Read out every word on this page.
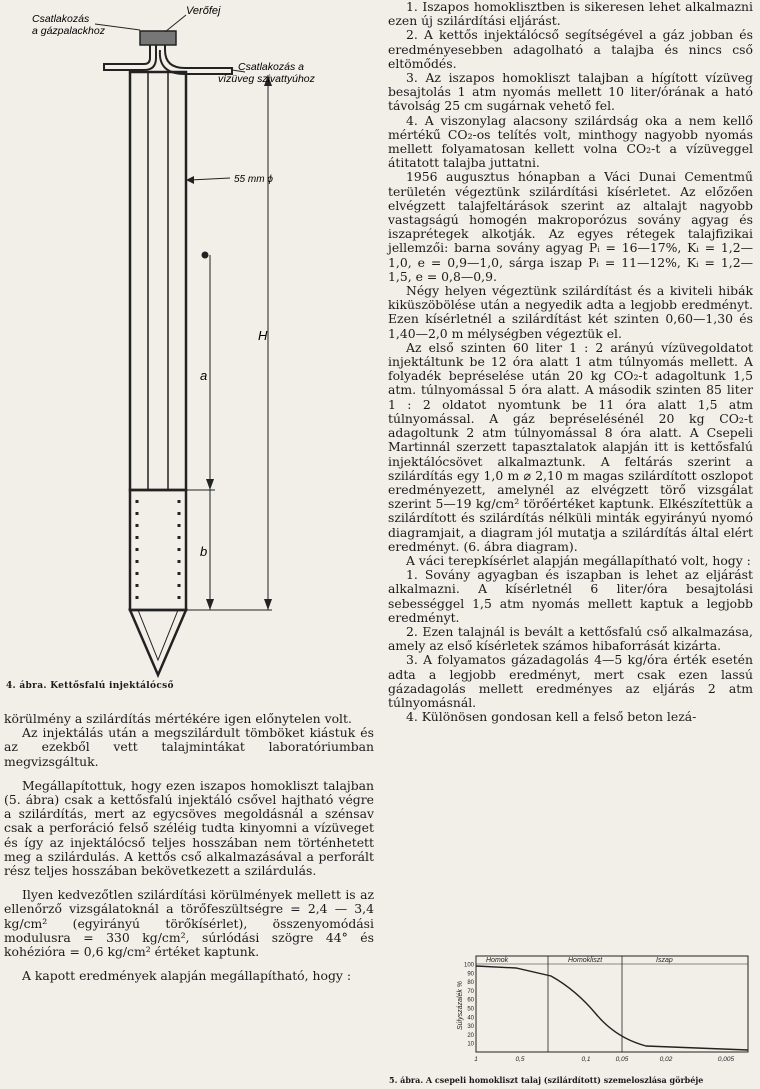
Csatlakozás a gázpalackhoz
Verőfej
Csatlakozás a vízüveg szivattyúhoz
55 mm ϕ
H
a
b
4. ábra. Kettősfalú injektálócső

körülmény a szilárdítás mértékére igen előnytelen volt.

Az injektálás után a megszilárdult tömböket kiástuk és az ezekből vett talajmintákat laboratóriumban megvizsgáltuk.

Megállapítottuk, hogy ezen iszapos homokliszt talajban (5. ábra) csak a kettősfalú injektáló csővel hajtható végre a szilárdítás, mert az egycsöves megoldásnál a szénsav csak a perforáció felső széléig tudta kinyomni a vízüveget és így az injektálócső teljes hosszában nem történhetett meg a szilárdulás. A kettős cső alkalmazásával a perforált rész teljes hosszában bekövetkezett a szilárdulás.

Ilyen kedvezőtlen szilárdítási körülmények mellett is az ellenőrző vizsgálatoknál a törőfeszültségre = 2,4 — 3,4 kg/cm² (egyirányú törőkísérlet), összenyomódási modulusra = 330 kg/cm², súrlódási szögre 44° és kohézióra = 0,6 kg/cm² értéket kaptunk.

A kapott eredmények alapján megállapítható, hogy :

1. Iszapos homoklisztben is sikeresen lehet alkalmazni ezen új szilárdítási eljárást.

2. A kettős injektálócső segítségével a gáz jobban és eredményesebben adagolható a talajba és nincs cső eltömődés.

3. Az iszapos homokliszt talajban a hígított vízüveg besajtolás 1 atm nyomás mellett 10 liter/órának a ható távolság 25 cm sugárnak vehető fel.

4. A viszonylag alacsony szilárdság oka a nem kellő mértékű CO₂-os telítés volt, minthogy nagyobb nyomás mellett folyamatosan kellett volna CO₂-t a vízüveggel átitatott talajba juttatni.

1956 augusztus hónapban a Váci Dunai Cementmű területén végeztünk szilárdítási kísérletet. Az előzően elvégzett talajfeltárások szerint az altalajt nagyobb vastagságú homogén makroporózus sovány agyag és iszaprétegek alkotják. Az egyes rétegek talajfizikai jellemzői: barna sovány agyag Pᵢ = 16—17%, Kᵢ = 1,2—1,0, e = 0,9—1,0, sárga iszap Pᵢ = 11—12%, Kᵢ = 1,2—1,5, e = 0,8—0,9.

Négy helyen végeztünk szilárdítást és a kiviteli hibák kiküszöbölése után a negyedik adta a legjobb eredményt. Ezen kísérletnél a szilárdítást két szinten 0,60—1,30 és 1,40—2,0 m mélységben végeztük el.

Az első szinten 60 liter 1 : 2 arányú vízüvegoldatot injektáltunk be 12 óra alatt 1 atm túlnyomás mellett. A folyadék bepréselése után 20 kg CO₂-t adagoltunk 1,5 atm. túlnyomással 5 óra alatt. A második szinten 85 liter 1 : 2 oldatot nyomtunk be 11 óra alatt 1,5 atm túlnyomással. A gáz bepréselésénél 20 kg CO₂-t adagoltunk 2 atm túlnyomással 8 óra alatt. A Csepeli Martinnál szerzett tapasztalatok alapján itt is kettősfalú injektálócsövet alkalmaztunk. A feltárás szerint a szilárdítás egy 1,0 m ⌀ 2,10 m magas szilárdított oszlopot eredményezett, amelynél az elvégzett törő vizsgálat szerint 5—19 kg/cm² törőértéket kaptunk. Elkészítettük a szilárdított és szilárdítás nélküli minták egyirányú nyomó diagramjait, a diagram jól mutatja a szilárdítás által elért eredményt. (6. ábra diagram).

A váci terepkísérlet alapján megállapítható volt, hogy :

1. Sovány agyagban és iszapban is lehet az eljárást alkalmazni. A kísérletnél 6 liter/óra besajtolási sebességgel 1,5 atm nyomás mellett kaptuk a legjobb eredményt.

2. Ezen talajnál is bevált a kettősfalú cső alkalmazása, amely az első kísérletek számos hibaforrását kizárta.

3. A folyamatos gázadagolás 4—5 kg/óra érték esetén adta a legjobb eredményt, mert csak ezen lassú gázadagolás mellett eredményes az eljárás 2 atm túlnyomásnál.

4. Különösen gondosan kell a felső beton lezá-

Homok	Homokliszt	Iszap
Súlyszázalék %
100
90
80
70
60
50
40
30
20
10
1	0,5	0,1	0,05	0,02	0,005
5. ábra. A csepeli homokliszt talaj (szilárdított) szemeloszlása görbéje
